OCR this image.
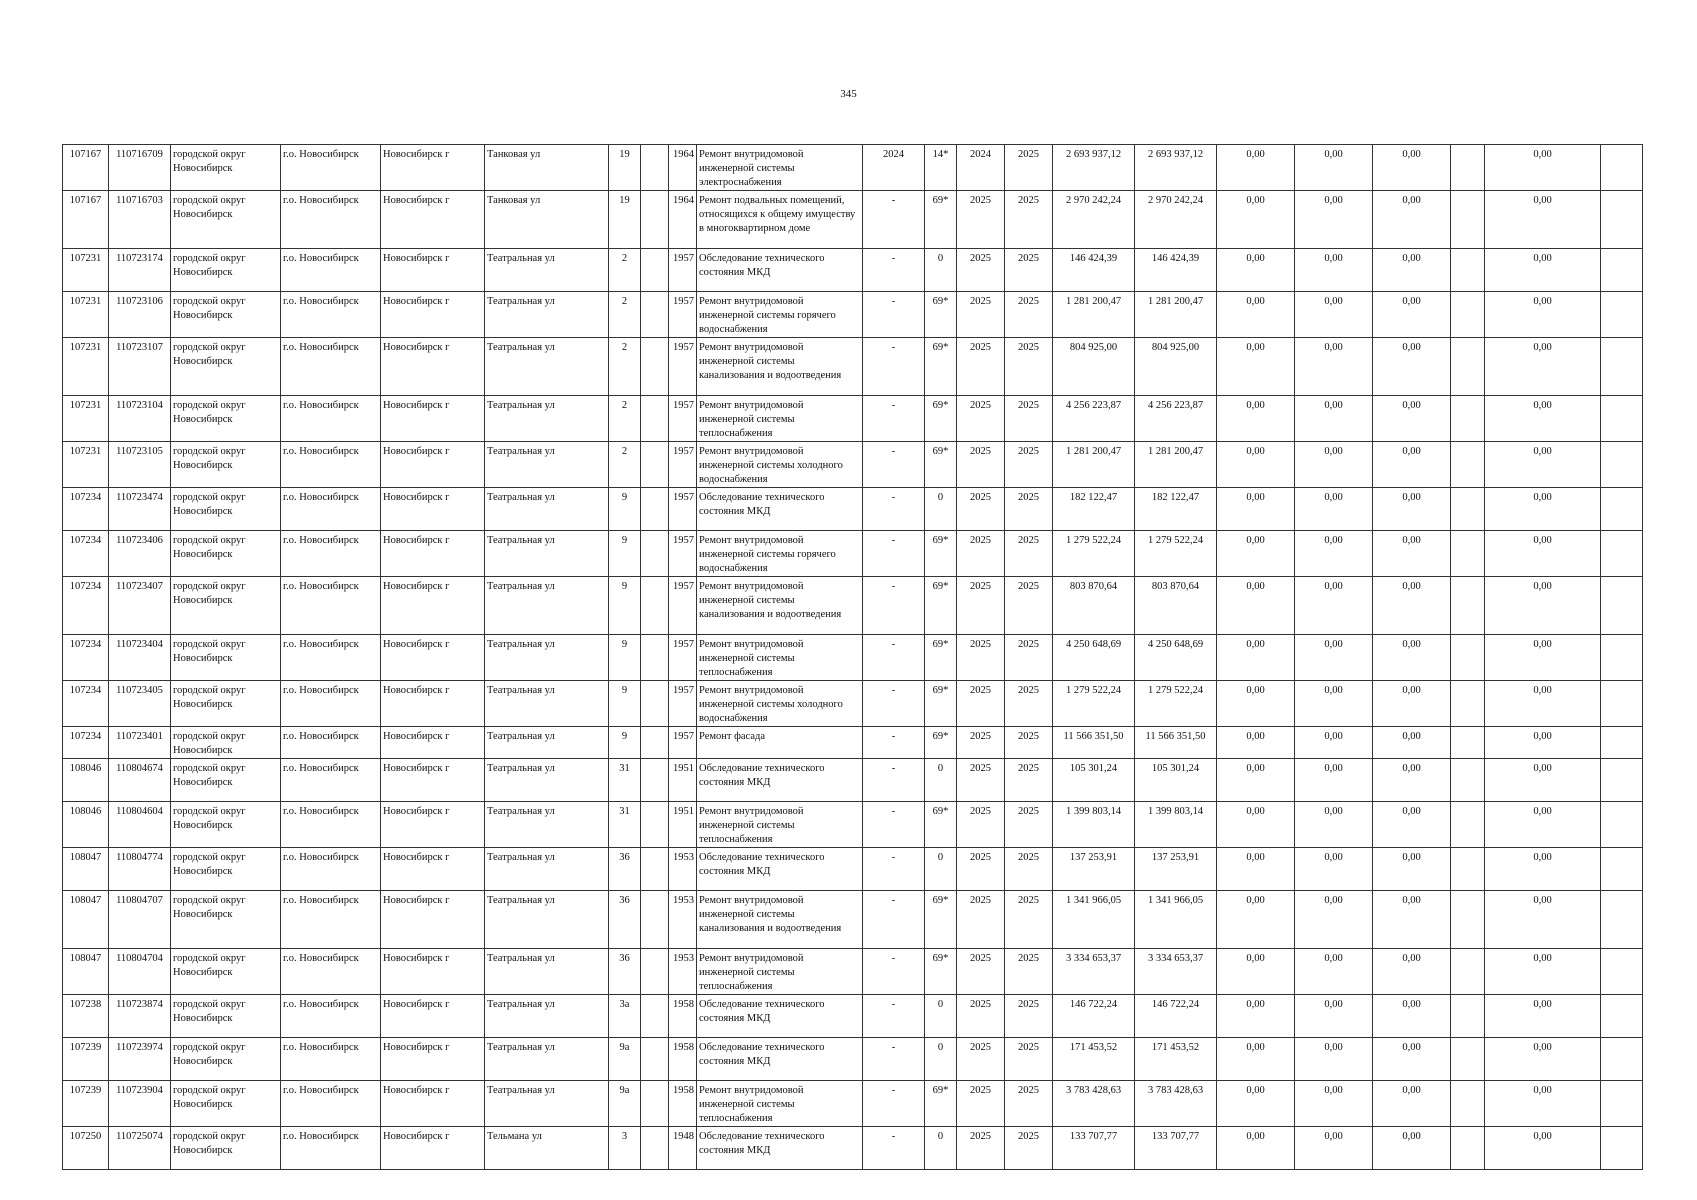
345
107167	110716709	городской округ Новосибирск	г.о. Новосибирск	Новосибирск г	Танковая ул	19		1964	Ремонт внутридомовой инженерной системы электроснабжения	2024	14*	2024	2025	2 693 937,12	2 693 937,12	0,00	0,00	0,00		0,00	
107167	110716703	городской округ Новосибирск	г.о. Новосибирск	Новосибирск г	Танковая ул	19		1964	Ремонт подвальных помещений, относящихся к общему имуществу в многоквартирном доме	-	69*	2025	2025	2 970 242,24	2 970 242,24	0,00	0,00	0,00		0,00	
107231	110723174	городской округ Новосибирск	г.о. Новосибирск	Новосибирск г	Театральная ул	2		1957	Обследование технического состояния МКД	-	0	2025	2025	146 424,39	146 424,39	0,00	0,00	0,00		0,00	
107231	110723106	городской округ Новосибирск	г.о. Новосибирск	Новосибирск г	Театральная ул	2		1957	Ремонт внутридомовой инженерной системы горячего водоснабжения	-	69*	2025	2025	1 281 200,47	1 281 200,47	0,00	0,00	0,00		0,00	
107231	110723107	городской округ Новосибирск	г.о. Новосибирск	Новосибирск г	Театральная ул	2		1957	Ремонт внутридомовой инженерной системы канализования и водоотведения	-	69*	2025	2025	804 925,00	804 925,00	0,00	0,00	0,00		0,00	
107231	110723104	городской округ Новосибирск	г.о. Новосибирск	Новосибирск г	Театральная ул	2		1957	Ремонт внутридомовой инженерной системы теплоснабжения	-	69*	2025	2025	4 256 223,87	4 256 223,87	0,00	0,00	0,00		0,00	
107231	110723105	городской округ Новосибирск	г.о. Новосибирск	Новосибирск г	Театральная ул	2		1957	Ремонт внутридомовой инженерной системы холодного водоснабжения	-	69*	2025	2025	1 281 200,47	1 281 200,47	0,00	0,00	0,00		0,00	
107234	110723474	городской округ Новосибирск	г.о. Новосибирск	Новосибирск г	Театральная ул	9		1957	Обследование технического состояния МКД	-	0	2025	2025	182 122,47	182 122,47	0,00	0,00	0,00		0,00	
107234	110723406	городской округ Новосибирск	г.о. Новосибирск	Новосибирск г	Театральная ул	9		1957	Ремонт внутридомовой инженерной системы горячего водоснабжения	-	69*	2025	2025	1 279 522,24	1 279 522,24	0,00	0,00	0,00		0,00	
107234	110723407	городской округ Новосибирск	г.о. Новосибирск	Новосибирск г	Театральная ул	9		1957	Ремонт внутридомовой инженерной системы канализования и водоотведения	-	69*	2025	2025	803 870,64	803 870,64	0,00	0,00	0,00		0,00	
107234	110723404	городской округ Новосибирск	г.о. Новосибирск	Новосибирск г	Театральная ул	9		1957	Ремонт внутридомовой инженерной системы теплоснабжения	-	69*	2025	2025	4 250 648,69	4 250 648,69	0,00	0,00	0,00		0,00	
107234	110723405	городской округ Новосибирск	г.о. Новосибирск	Новосибирск г	Театральная ул	9		1957	Ремонт внутридомовой инженерной системы холодного водоснабжения	-	69*	2025	2025	1 279 522,24	1 279 522,24	0,00	0,00	0,00		0,00	
107234	110723401	городской округ Новосибирск	г.о. Новосибирск	Новосибирск г	Театральная ул	9		1957	Ремонт фасада	-	69*	2025	2025	11 566 351,50	11 566 351,50	0,00	0,00	0,00		0,00	
108046	110804674	городской округ Новосибирск	г.о. Новосибирск	Новосибирск г	Театральная ул	31		1951	Обследование технического состояния МКД	-	0	2025	2025	105 301,24	105 301,24	0,00	0,00	0,00		0,00	
108046	110804604	городской округ Новосибирск	г.о. Новосибирск	Новосибирск г	Театральная ул	31		1951	Ремонт внутридомовой инженерной системы теплоснабжения	-	69*	2025	2025	1 399 803,14	1 399 803,14	0,00	0,00	0,00		0,00	
108047	110804774	городской округ Новосибирск	г.о. Новосибирск	Новосибирск г	Театральная ул	36		1953	Обследование технического состояния МКД	-	0	2025	2025	137 253,91	137 253,91	0,00	0,00	0,00		0,00	
108047	110804707	городской округ Новосибирск	г.о. Новосибирск	Новосибирск г	Театральная ул	36		1953	Ремонт внутридомовой инженерной системы канализования и водоотведения	-	69*	2025	2025	1 341 966,05	1 341 966,05	0,00	0,00	0,00		0,00	
108047	110804704	городской округ Новосибирск	г.о. Новосибирск	Новосибирск г	Театральная ул	36		1953	Ремонт внутридомовой инженерной системы теплоснабжения	-	69*	2025	2025	3 334 653,37	3 334 653,37	0,00	0,00	0,00		0,00	
107238	110723874	городской округ Новосибирск	г.о. Новосибирск	Новосибирск г	Театральная ул	3а		1958	Обследование технического состояния МКД	-	0	2025	2025	146 722,24	146 722,24	0,00	0,00	0,00		0,00	
107239	110723974	городской округ Новосибирск	г.о. Новосибирск	Новосибирск г	Театральная ул	9а		1958	Обследование технического состояния МКД	-	0	2025	2025	171 453,52	171 453,52	0,00	0,00	0,00		0,00	
107239	110723904	городской округ Новосибирск	г.о. Новосибирск	Новосибирск г	Театральная ул	9а		1958	Ремонт внутридомовой инженерной системы теплоснабжения	-	69*	2025	2025	3 783 428,63	3 783 428,63	0,00	0,00	0,00		0,00	
107250	110725074	городской округ Новосибирск	г.о. Новосибирск	Новосибирск г	Тельмана ул	3		1948	Обследование технического состояния МКД	-	0	2025	2025	133 707,77	133 707,77	0,00	0,00	0,00		0,00	
